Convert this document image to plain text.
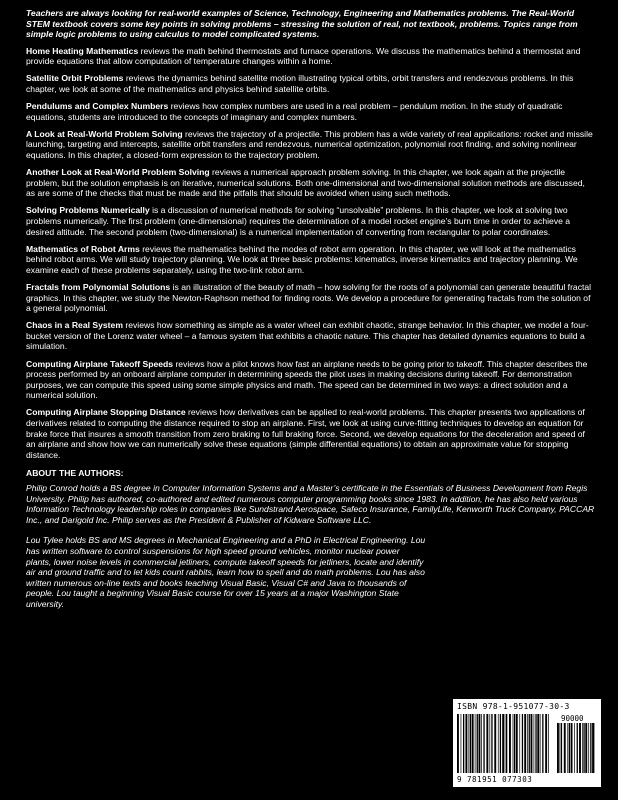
Teachers are always looking for real-world examples of Science, Technology, Engineering and Mathematics problems. The Real-World STEM textbook covers some key points in solving problems – stressing the solution of real, not textbook, problems. Topics range from simple logic problems to using calculus to model complicated systems.

Home Heating Mathematics reviews the math behind thermostats and furnace operations. We discuss the mathematics behind a thermostat and provide equations that allow computation of temperature changes within a home.

Satellite Orbit Problems reviews the dynamics behind satellite motion illustrating typical orbits, orbit transfers and rendezvous problems. In this chapter, we look at some of the mathematics and physics behind satellite orbits.

Pendulums and Complex Numbers reviews how complex numbers are used in a real problem – pendulum motion. In the study of quadratic equations, students are introduced to the concepts of imaginary and complex numbers.

A Look at Real-World Problem Solving reviews the trajectory of a projectile. This problem has a wide variety of real applications: rocket and missile launching, targeting and intercepts, satellite orbit transfers and rendezvous, numerical optimization, polynomial root finding, and solving nonlinear equations. In this chapter, a closed-form expression to the trajectory problem.

Another Look at Real-World Problem Solving reviews a numerical approach problem solving. In this chapter, we look again at the projectile problem, but the solution emphasis is on iterative, numerical solutions. Both one-dimensional and two-dimensional solution methods are discussed, as are some of the checks that must be made and the pitfalls that should be avoided when using such methods.

Solving Problems Numerically is a discussion of numerical methods for solving “unsolvable” problems. In this chapter, we look at solving two problems numerically. The first problem (one-dimensional) requires the determination of a model rocket engine’s burn time in order to achieve a desired altitude. The second problem (two-dimensional) is a numerical implementation of converting from rectangular to polar coordinates.

Mathematics of Robot Arms reviews the mathematics behind the modes of robot arm operation. In this chapter, we will look at the mathematics behind robot arms. We will study trajectory planning. We look at three basic problems: kinematics, inverse kinematics and trajectory planning. We examine each of these problems separately, using the two-link robot arm.

Fractals from Polynomial Solutions is an illustration of the beauty of math – how solving for the roots of a polynomial can generate beautiful fractal graphics. In this chapter, we study the Newton-Raphson method for finding roots. We develop a procedure for generating fractals from the solution of a general polynomial.

Chaos in a Real System reviews how something as simple as a water wheel can exhibit chaotic, strange behavior. In this chapter, we model a four-bucket version of the Lorenz water wheel – a famous system that exhibits a chaotic nature. This chapter has detailed dynamics equations to build a simulation.

Computing Airplane Takeoff Speeds reviews how a pilot knows how fast an airplane needs to be going prior to takeoff. This chapter describes the process performed by an onboard airplane computer in determining speeds the pilot uses in making decisions during takeoff. For demonstration purposes, we can compute this speed using some simple physics and math. The speed can be determined in two ways: a direct solution and a numerical solution.

Computing Airplane Stopping Distance reviews how derivatives can be applied to real-world problems. This chapter presents two applications of derivatives related to computing the distance required to stop an airplane. First, we look at using curve-fitting techniques to develop an equation for brake force that insures a smooth transition from zero braking to full braking force. Second, we develop equations for the deceleration and speed of an airplane and show how we can numerically solve these equations (simple differential equations) to obtain an approximate value for stopping distance.

ABOUT THE AUTHORS:

Philip Conrod holds a BS degree in Computer Information Systems and a Master’s certificate in the Essentials of Business Development from Regis University. Philip has authored, co-authored and edited numerous computer programming books since 1983. In addition, he has also held various Information Technology leadership roles in companies like Sundstrand Aerospace, Safeco Insurance, FamilyLife, Kenworth Truck Company, PACCAR Inc., and Darigold Inc. Philip serves as the President & Publisher of Kidware Software LLC.

Lou Tylee holds BS and MS degrees in Mechanical Engineering and a PhD in Electrical Engineering. Lou has written software to control suspensions for high speed ground vehicles, monitor nuclear power plants, lower noise levels in commercial jetliners, compute takeoff speeds for jetliners, locate and identify air and ground traffic and to let kids count rabbits, learn how to spell and do math problems. Lou has also written numerous on-line texts and books teaching Visual Basic, Visual C# and Java to thousands of people. Lou taught a beginning Visual Basic course for over 15 years at a major Washington State university.

ISBN 978-1-951077-30-3
90000
9 781951 077303
